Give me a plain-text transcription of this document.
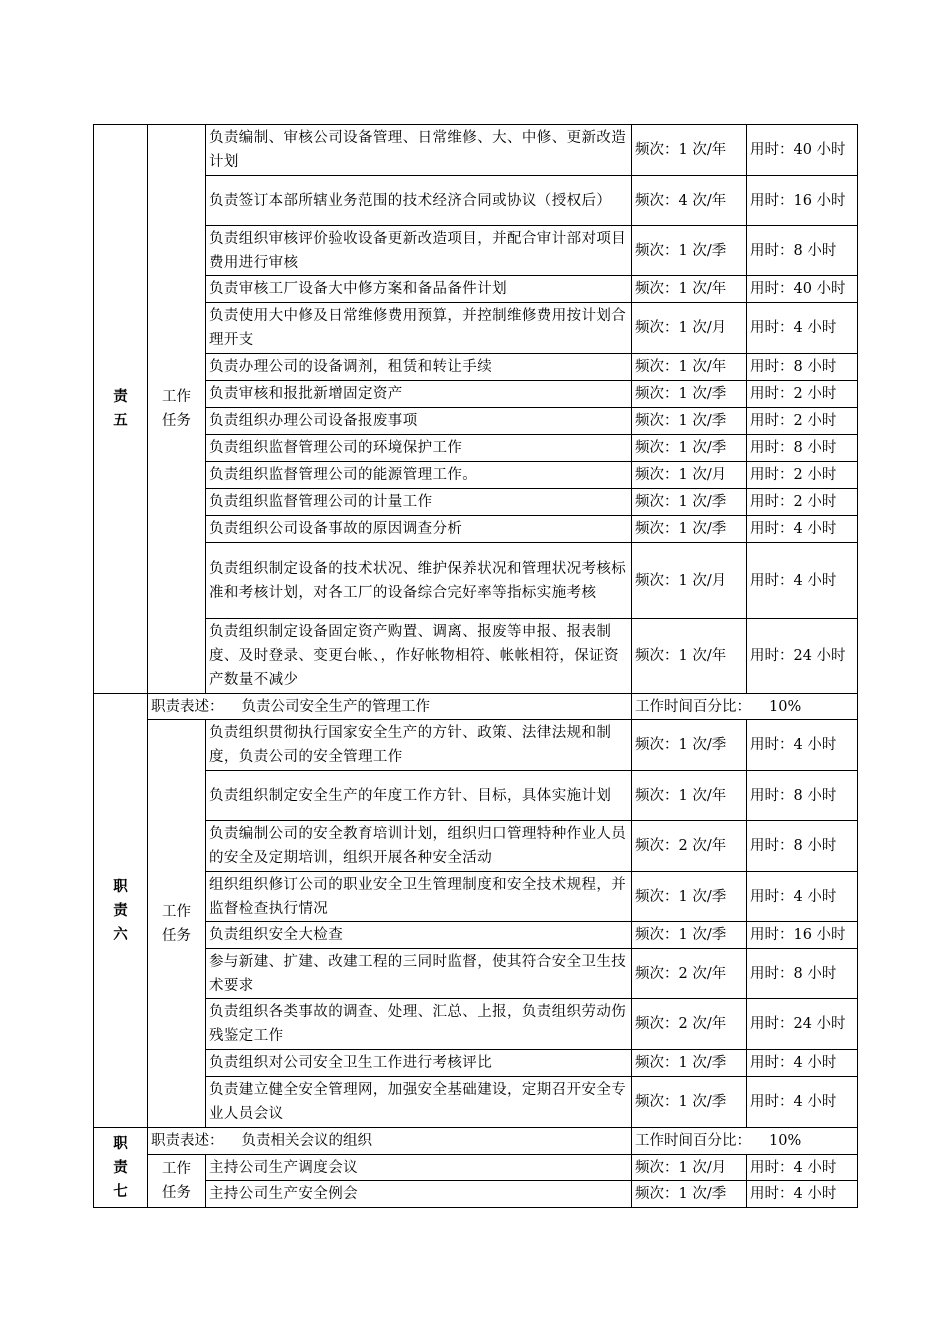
责
五	工作
任务	负责编制、审核公司设备管理、日常维修、大、中修、更新改造计划	频次：1 次/年	用时：40 小时
		负责签订本部所辖业务范围的技术经济合同或协议（授权后）	频次：4 次/年	用时：16 小时
		负责组织审核评价验收设备更新改造项目，并配合审计部对项目费用进行审核	频次：1 次/季	用时：8 小时
		负责审核工厂设备大中修方案和备品备件计划	频次：1 次/年	用时：40 小时
		负责使用大中修及日常维修费用预算，并控制维修费用按计划合理开支	频次：1 次/月	用时：4 小时
		负责办理公司的设备调剂，租赁和转让手续	频次：1 次/年	用时：8 小时
		负责审核和报批新增固定资产	频次：1 次/季	用时：2 小时
		负责组织办理公司设备报废事项	频次：1 次/季	用时：2 小时
		负责组织监督管理公司的环境保护工作	频次：1 次/季	用时：8 小时
		负责组织监督管理公司的能源管理工作。	频次：1 次/月	用时：2 小时
		负责组织监督管理公司的计量工作	频次：1 次/季	用时：2 小时
		负责组织公司设备事故的原因调查分析	频次：1 次/季	用时：4 小时
		负责组织制定设备的技术状况、维护保养状况和管理状况考核标准和考核计划，对各工厂的设备综合完好率等指标实施考核	频次：1 次/月	用时：4 小时
		负责组织制定设备固定资产购置、调离、报废等申报、报表制度、及时登录、变更台帐、，作好帐物相符、帐帐相符，保证资产数量不减少	频次：1 次/年	用时：24 小时
职
责
六	职责表述： 负责公司安全生产的管理工作		工作时间百分比： 10%	
	工作
任务	负责组织贯彻执行国家安全生产的方针、政策、法律法规和制度，负责公司的安全管理工作	频次：1 次/季	用时：4 小时
		负责组织制定安全生产的年度工作方针、目标，具体实施计划	频次：1 次/年	用时：8 小时
		负责编制公司的安全教育培训计划，组织归口管理特种作业人员的安全及定期培训，组织开展各种安全活动	频次：2 次/年	用时：8 小时
		组织组织修订公司的职业安全卫生管理制度和安全技术规程，并监督检查执行情况	频次：1 次/季	用时：4 小时
		负责组织安全大检查	频次：1 次/季	用时：16 小时
		参与新建、扩建、改建工程的三同时监督，使其符合安全卫生技术要求	频次：2 次/年	用时：8 小时
		负责组织各类事故的调查、处理、汇总、上报，负责组织劳动伤残鉴定工作	频次：2 次/年	用时：24 小时
		负责组织对公司安全卫生工作进行考核评比	频次：1 次/季	用时：4 小时
		负责建立健全安全管理网，加强安全基础建设，定期召开安全专业人员会议	频次：1 次/季	用时：4 小时
职
责
七	职责表述： 负责相关会议的组织		工作时间百分比： 10%	
	工作
任务	主持公司生产调度会议	频次：1 次/月	用时：4 小时
		主持公司生产安全例会	频次：1 次/季	用时：4 小时
